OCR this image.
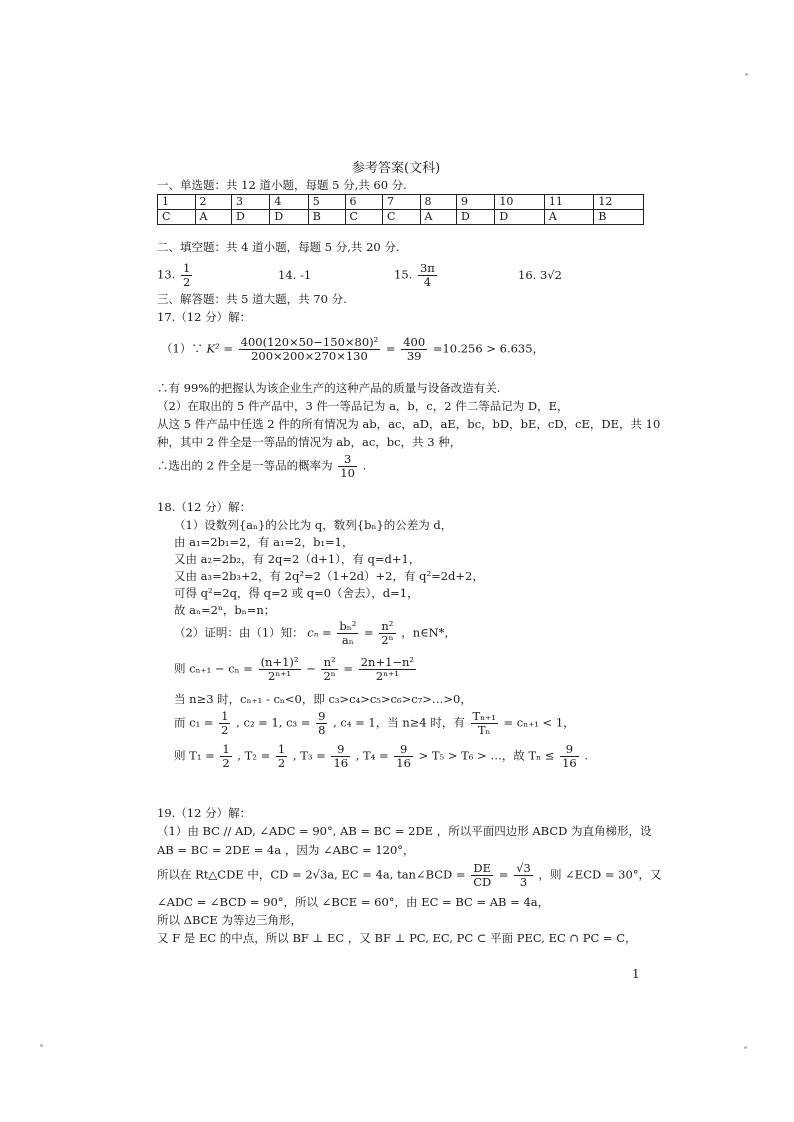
参考答案(文科)
一、单选题：共 12 道小题，每题 5 分,共 60 分.
1	2	3	4	5	6	7	8	9	10	11	12
C	A	D	D	B	C	C	A	D	D	A	B
二、填空题：共 4 道小题，每题 5 分,共 20 分.
13. $\frac{1}{2}$	14. -1	15. $\frac{3\pi}{4}$	16. 3√2
三、解答题：共 5 道大题，共 70 分.
17.（12 分）解：
（1）∵ $K^2 = \frac{\text{400(120×50−150×80)²}}{200\times 200\times 270\times 130} = \frac{400}{39} =10.256 > 6.635$，
∴有 99%的把握认为该企业生产的这种产品的质量与设备改造有关.
（2）在取出的 5 件产品中，3 件一等品记为 a，b，c，2 件二等品记为 D，E，
从这 5 件产品中任选 2 件的所有情况为 ab，ac，aD，aE，bc，bD，bE，cD，cE，DE，共 10
种，其中 2 件全是一等品的情况为 ab，ac，bc，共 3 种，
∴选出的 2 件全是一等品的概率为 $\frac{3}{10}$ .
18.（12 分）解：
（1）设数列{aₙ}的公比为 q，数列{bₙ}的公差为 d，
由 a₁=2b₁=2，有 a₁=2，b₁=1，
又由 a₂=2b₂，有 2q=2（d+1），有 q=d+1，
又由 a₃=2b₃+2，有 2q²=2（1+2d）+2，有 q²=2d+2，
可得 q²=2q，得 q=2 或 q=0（舍去），d=1，
故 aₙ=2ⁿ，bₙ=n；
（2）证明：由（1）知： $c_n = \frac{\text{bₙ²}}{\text{aₙ}} = \frac{\text{n²}}{\text{2ⁿ}}$ ，n∈N*，
则 $c_{n+1} - c_n = \frac{\text{(n+1)²}}{\text{2ⁿ⁺¹}} - \frac{\text{n²}}{\text{2ⁿ}} = \frac{\text{2n+1−n²}}{\text{2ⁿ⁺¹}}$
当 n≥3 时，cₙ₊₁ - cₙ<0，即 c₃>c₄>c₅>c₆>c₇>…>0，
而 $c_1 = \frac{1}{2}$ , c₂ = 1, $c_3 = \frac{9}{8}$ , c₄ = 1，当 n≥4 时，有 $\frac{\text{Tₙ₊₁}}{\text{Tₙ}} = c_{n+1} < 1$，
则 $T_1 = \frac{1}{2}$ , $T_2 = \frac{1}{2}$ , $T_3 = \frac{9}{16}$ , $T_4 = \frac{9}{16} > T_5 > T_6$ > …，故 $T_n \le \frac{9}{16}$ .
19.（12 分）解：
（1）由 BC // AD, ∠ADC = 90°, AB = BC = 2DE ，所以平面四边形 ABCD 为直角梯形，设
AB = BC = 2DE = 4a ，因为 ∠ABC = 120°，
所以在 Rt△CDE 中，CD = 2√3a, EC = 4a, tan∠BCD = $\frac{DE}{CD} = \frac{√3}{3}$ ，则 ∠ECD = 30°，又
∠ADC = ∠BCD = 90°，所以 ∠BCE = 60°，由 EC = BC = AB = 4a，
所以 ΔBCE 为等边三角形，
又 F 是 EC 的中点，所以 BF ⊥ EC ，又 BF ⊥ PC, EC, PC ⊂ 平面 PEC, EC ∩ PC = C，
1
